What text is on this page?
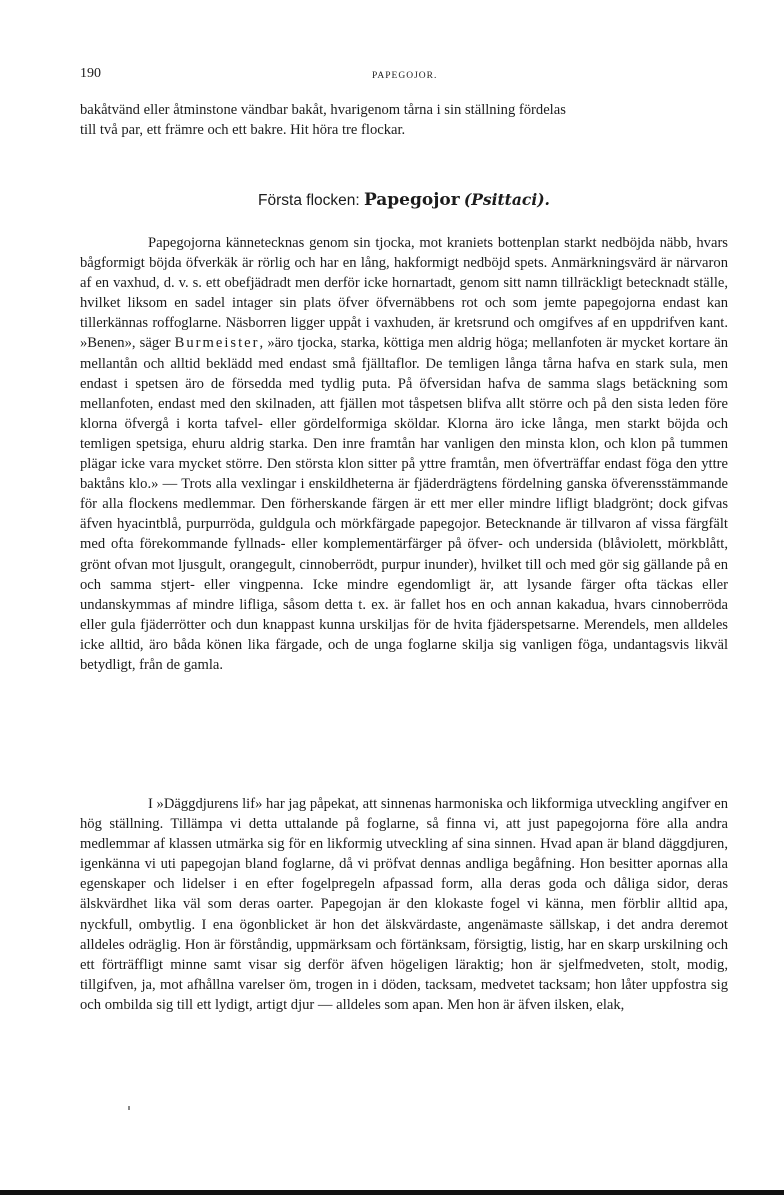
190	PAPEGOJOR.
bakåtvänd eller åtminstone vändbar bakåt, hvarigenom tårna i sin ställning fördelas
till två par, ett främre och ett bakre. Hit höra tre flockar.
Första flocken: Papegojor (Psittaci).

Papegojorna kännetecknas genom sin tjocka, mot kraniets bottenplan starkt nedböjda näbb, hvars bågformigt böjda öfverkäk är rörlig och har en lång, hakformigt nedböjd spets. Anmärkningsvärd är närvaron af en vaxhud, d. v. s. ett obefjädradt men derför icke hornartadt, genom sitt namn tillräckligt betecknadt ställe, hvilket liksom en sadel intager sin plats öfver öfvernäbbens rot och som jemte papegojorna endast kan tillerkännas roffoglarne. Näsborren ligger uppåt i vaxhuden, är kretsrund och omgifves af en uppdrifven kant. »Benen», säger Burmeister, »äro tjocka, starka, köttiga men aldrig höga; mellanfoten är mycket kortare än mellantån och alltid beklädd med endast små fjälltaflor. De temligen långa tårna hafva en stark sula, men endast i spetsen äro de försedda med tydlig puta. På öfversidan hafva de samma slags betäckning som mellanfoten, endast med den skilnaden, att fjällen mot tåspetsen blifva allt större och på den sista leden före klorna öfvergå i korta tafvel- eller gördelformiga sköldar. Klorna äro icke långa, men starkt böjda och temligen spetsiga, ehuru aldrig starka. Den inre framtån har vanligen den minsta klon, och klon på tummen plägar icke vara mycket större. Den största klon sitter på yttre framtån, men öfverträffar endast föga den yttre baktåns klo.» — Trots alla vexlingar i enskildheterna är fjäderdrägtens fördelning ganska öfverensstämmande för alla flockens medlemmar. Den förherskande färgen är ett mer eller mindre lifligt bladgrönt; dock gifvas äfven hyacintblå, purpurröda, guldgula och mörkfärgade papegojor. Betecknande är tillvaron af vissa färgfält med ofta förekommande fyllnads- eller komplementärfärger på öfver- och undersida (blåviolett, mörkblått, grönt ofvan mot ljusgult, orangegult, cinnoberrödt, purpur inunder), hvilket till och med gör sig gällande på en och samma stjert- eller vingpenna. Icke mindre egendomligt är, att lysande färger ofta täckas eller undanskymmas af mindre lifliga, såsom detta t. ex. är fallet hos en och annan kakadua, hvars cinnoberröda eller gula fjäderrötter och dun knappast kunna urskiljas för de hvita fjäderspetsarne. Merendels, men alldeles icke alltid, äro båda könen lika färgade, och de unga foglarne skilja sig vanligen föga, undantagsvis likväl betydligt, från de gamla.

I »Däggdjurens lif» har jag påpekat, att sinnenas harmoniska och likformiga utveckling angifver en hög ställning. Tillämpa vi detta uttalande på foglarne, så finna vi, att just papegojorna före alla andra medlemmar af klassen utmärka sig för en likformig utveckling af sina sinnen. Hvad apan är bland däggdjuren, igenkänna vi uti papegojan bland foglarne, då vi pröfvat dennas andliga begåfning. Hon besitter apornas alla egenskaper och lidelser i en efter fogelpregeln afpassad form, alla deras goda och dåliga sidor, deras älskvärdhet lika väl som deras oarter. Papegojan är den klokaste fogel vi känna, men förblir alltid apa, nyckfull, ombytlig. I ena ögonblicket är hon det älskvärdaste, angenämaste sällskap, i det andra deremot alldeles odräglig. Hon är förståndig, uppmärksam och förtänksam, försigtig, listig, har en skarp urskilning och ett förträffligt minne samt visar sig derför äfven högeligen läraktig; hon är sjelfmedveten, stolt, modig, tillgifven, ja, mot afhållna varelser öm, trogen in i döden, tacksam, medvetet tacksam; hon låter uppfostra sig och ombilda sig till ett lydigt, artigt djur — alldeles som apan. Men hon är äfven ilsken, elak,
